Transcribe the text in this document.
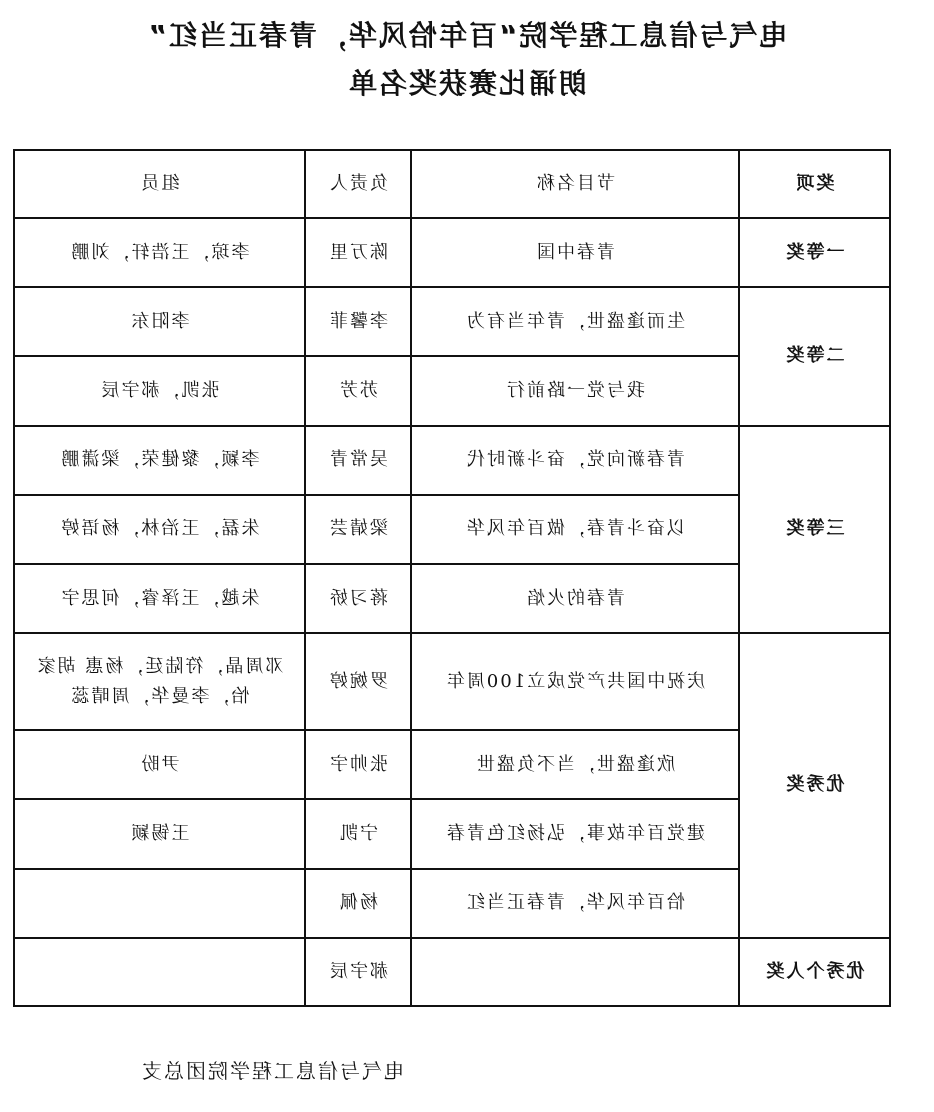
电气与信息工程学院“百年恰风华，青春正当红”

朗诵比赛获奖名单

奖项	节目名称	负责人	组员
一等奖	青春中国	陈万里	李琼，王浩轩，刘鹏
二等奖	生而逢盛世，青年当有为	李馨菲	李阳东
	我与党一路前行	苏芳	张凯，郝宇辰
三等奖	青春新向党，奋斗新时代	吴常青	李颖，黎健荣，梁潇鹏
	以奋斗青春，做百年风华	梁婧芸	朱磊，王治林，杨语婷
	青春的火焰	蒋习娇	朱越，王泽睿，何思宇
优秀奖	庆祝中国共产党成立100周年	罗婉婷	邓周晶，符陆廷，杨惠 胡家怡，李曼华，周晴蕊
	欣逢盛世，当不负盛世	张帅宇	尹盼
	建党百年故事，弘扬红色青春	宁凯	王锡颖
	恰百年风华，青春正当红	杨佩	
优秀个人奖		郝宇辰	

电气与信息工程学院团总支
